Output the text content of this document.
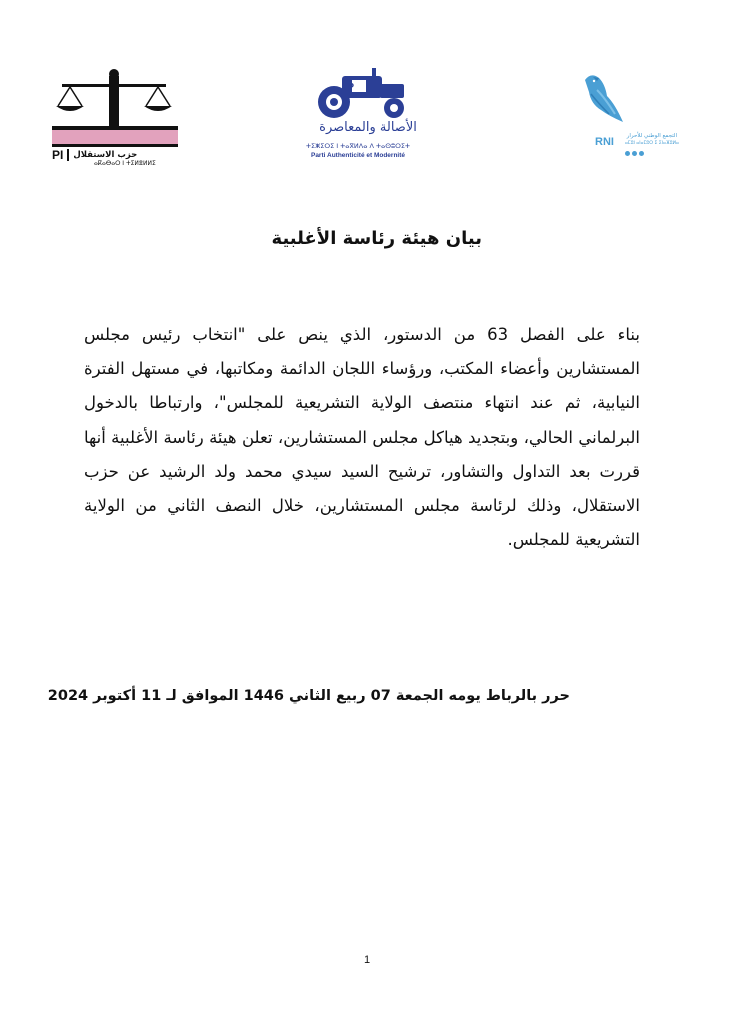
PI حزب الاستقلال
ⴰⴽⴰⴱⴰⵔ ⵏ ⵜⵉⵍⴻⵍⵍⵉ
P
الأصالة والمعاصرة
ⵜⵉⵥⵉⵔⵉ ⵏ ⵜⴰⴳⵍⴷⴰ ⴷ ⵜⴰⵙⵓⵔⵉⵜ
Parti Authenticité et Modernité
RNI	التجمع الوطني للأحرار
ⴰⵎⵓⵏ ⴰⵏⴰⵎⵓⵔ ⵉ ⵉⵏⴰⴼⵓⵍⴰ
بيان هيئة رئاسة الأغلبية
بناء على الفصل 63 من الدستور، الذي ينص على "انتخاب رئيس مجلس المستشارين وأعضاء المكتب، ورؤساء اللجان الدائمة ومكاتبها، في مستهل الفترة النيابية، ثم عند انتهاء منتصف الولاية التشريعية للمجلس"، وارتباطا بالدخول البرلماني الحالي، وبتجديد هياكل مجلس المستشارين، تعلن هيئة رئاسة الأغلبية أنها قررت بعد التداول والتشاور، ترشيح السيد سيدي محمد ولد الرشيد عن حزب الاستقلال، وذلك لرئاسة مجلس المستشارين، خلال النصف الثاني من الولاية التشريعية للمجلس.
حرر بالرباط يومه الجمعة 07 ربيع الثاني 1446 الموافق لـ 11 أكتوبر 2024
1
